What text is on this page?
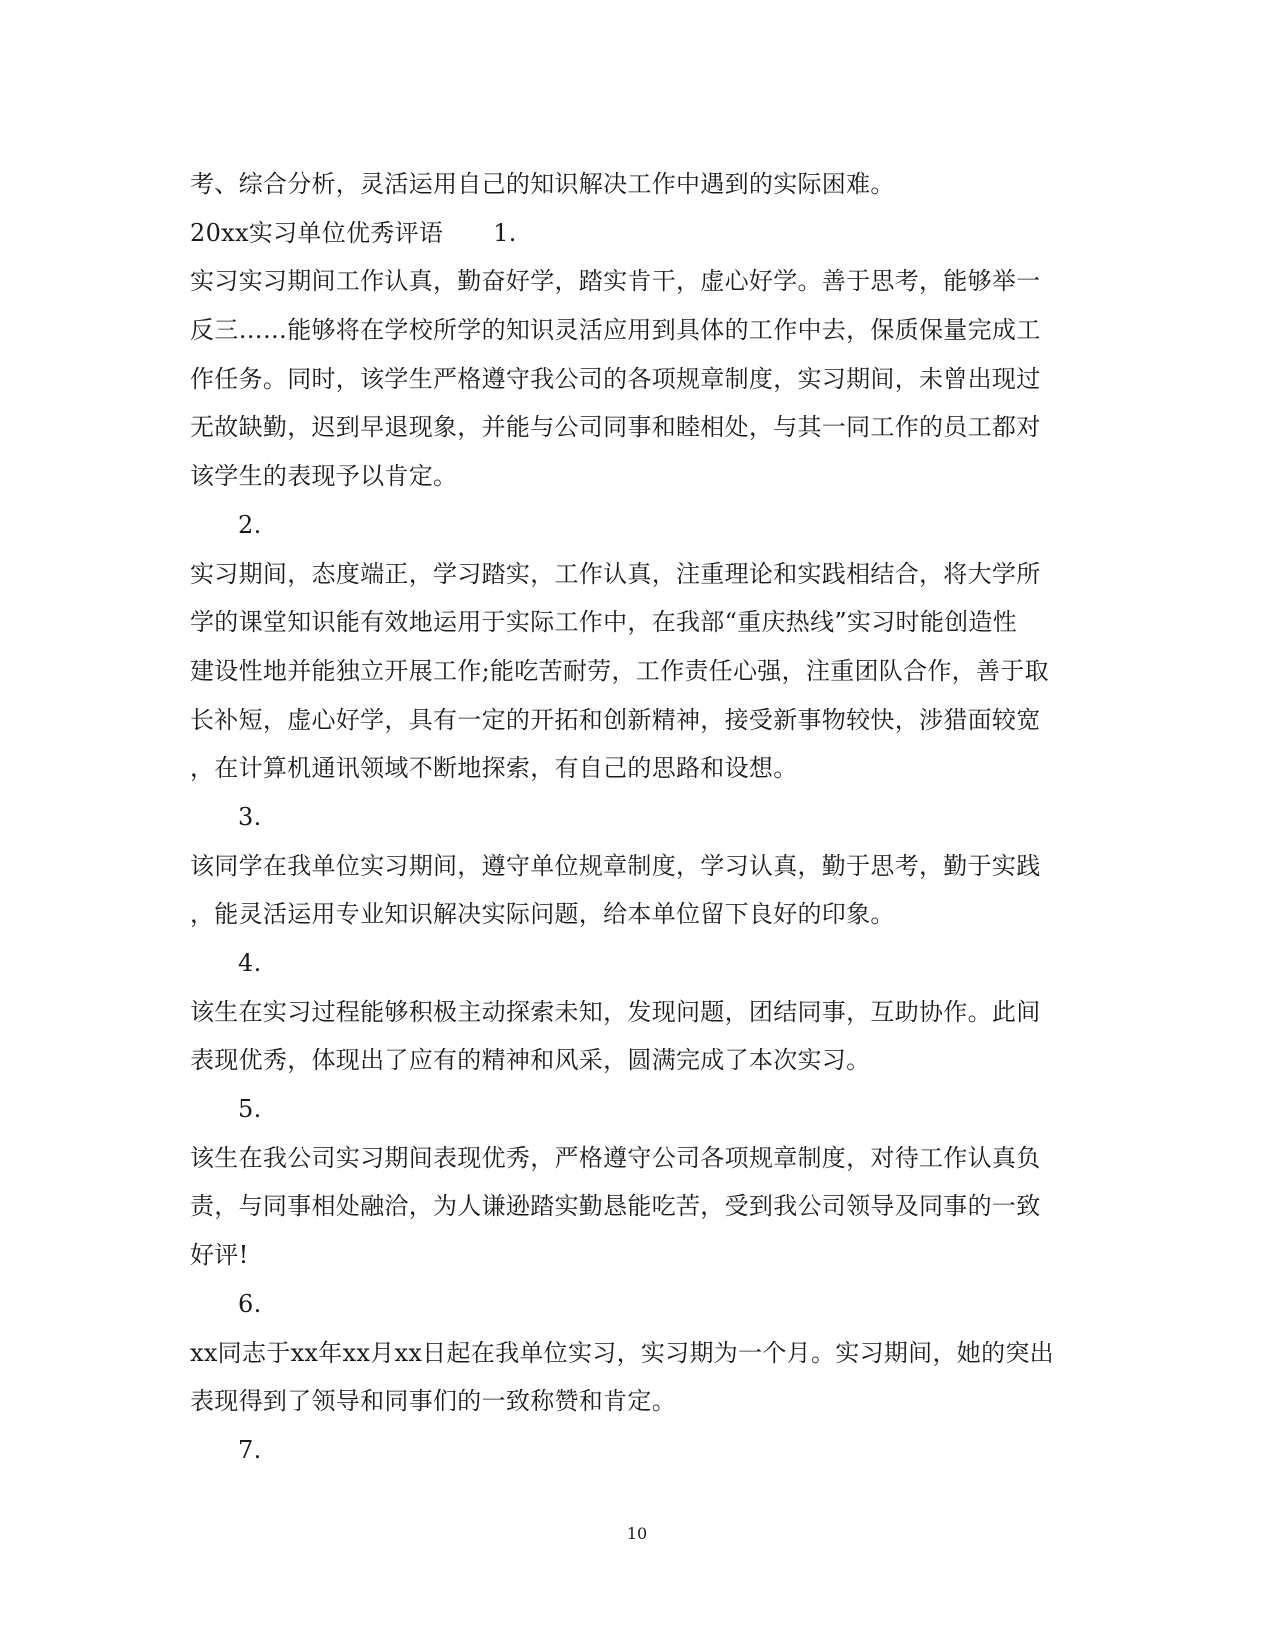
考、综合分析，灵活运用自己的知识解决工作中遇到的实际困难。
20xx实习单位优秀评语 1.
实习实习期间工作认真，勤奋好学，踏实肯干，虚心好学。善于思考，能够举一
反三……能够将在学校所学的知识灵活应用到具体的工作中去，保质保量完成工
作任务。同时，该学生严格遵守我公司的各项规章制度，实习期间，未曾出现过
无故缺勤，迟到早退现象，并能与公司同事和睦相处，与其一同工作的员工都对
该学生的表现予以肯定。
2.
实习期间，态度端正，学习踏实，工作认真，注重理论和实践相结合，将大学所
学的课堂知识能有效地运用于实际工作中，在我部“重庆热线”实习时能创造性
建设性地并能独立开展工作;能吃苦耐劳，工作责任心强，注重团队合作，善于取
长补短，虚心好学，具有一定的开拓和创新精神，接受新事物较快，涉猎面较宽
，在计算机通讯领域不断地探索，有自己的思路和设想。
3.
该同学在我单位实习期间，遵守单位规章制度，学习认真，勤于思考，勤于实践
，能灵活运用专业知识解决实际问题，给本单位留下良好的印象。
4.
该生在实习过程能够积极主动探索未知，发现问题，团结同事，互助协作。此间
表现优秀，体现出了应有的精神和风采，圆满完成了本次实习。
5.
该生在我公司实习期间表现优秀，严格遵守公司各项规章制度，对待工作认真负
责，与同事相处融洽，为人谦逊踏实勤恳能吃苦，受到我公司领导及同事的一致
好评!
6.
xx同志于xx年xx月xx日起在我单位实习，实习期为一个月。实习期间，她的突出
表现得到了领导和同事们的一致称赞和肯定。
7.
10
